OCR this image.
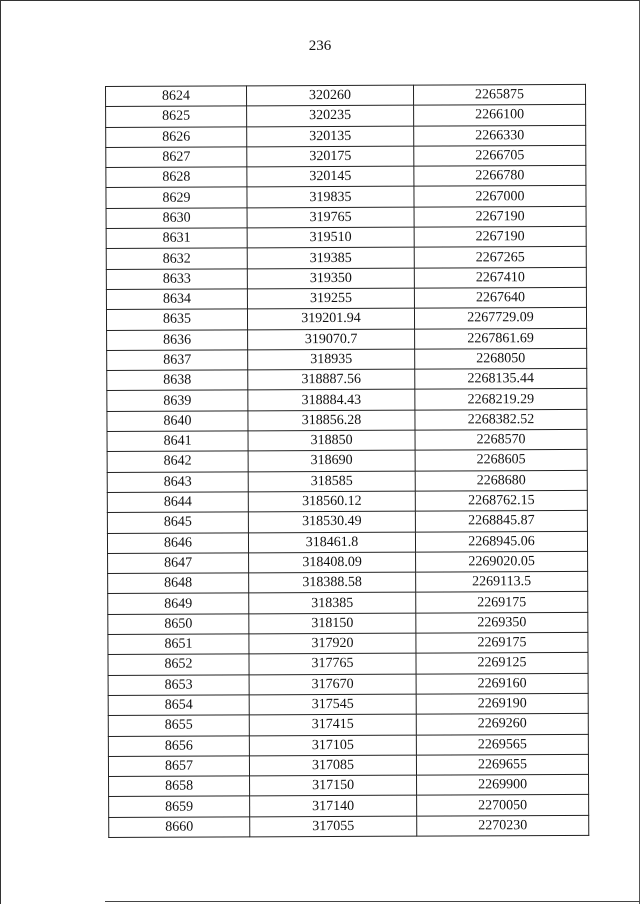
236
8624	320260	2265875
8625	320235	2266100
8626	320135	2266330
8627	320175	2266705
8628	320145	2266780
8629	319835	2267000
8630	319765	2267190
8631	319510	2267190
8632	319385	2267265
8633	319350	2267410
8634	319255	2267640
8635	319201.94	2267729.09
8636	319070.7	2267861.69
8637	318935	2268050
8638	318887.56	2268135.44
8639	318884.43	2268219.29
8640	318856.28	2268382.52
8641	318850	2268570
8642	318690	2268605
8643	318585	2268680
8644	318560.12	2268762.15
8645	318530.49	2268845.87
8646	318461.8	2268945.06
8647	318408.09	2269020.05
8648	318388.58	2269113.5
8649	318385	2269175
8650	318150	2269350
8651	317920	2269175
8652	317765	2269125
8653	317670	2269160
8654	317545	2269190
8655	317415	2269260
8656	317105	2269565
8657	317085	2269655
8658	317150	2269900
8659	317140	2270050
8660	317055	2270230
